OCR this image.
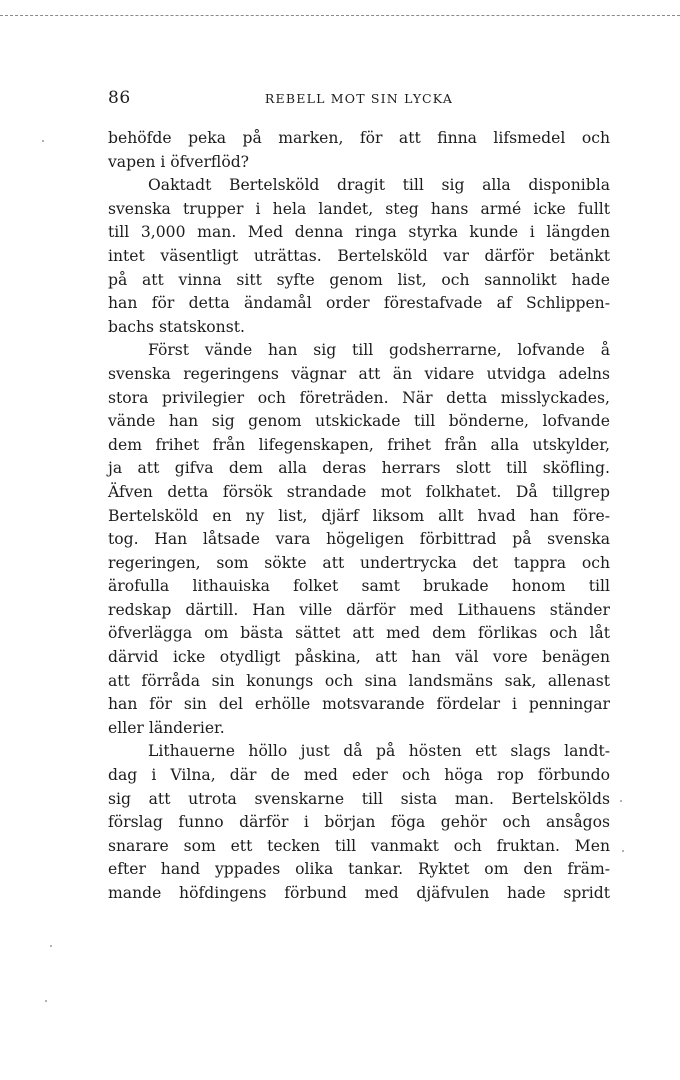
86	REBELL MOT SIN LYCKA
behöfde peka på marken, för att finna lifsmedel och
vapen i öfverflöd?
Oaktadt Bertelsköld dragit till sig alla disponibla
svenska trupper i hela landet, steg hans armé icke fullt
till 3,000 man. Med denna ringa styrka kunde i längden
intet väsentligt uträttas. Bertelsköld var därför betänkt
på att vinna sitt syfte genom list, och sannolikt hade
han för detta ändamål order förestafvade af Schlippen-
bachs statskonst.
Först vände han sig till godsherrarne, lofvande å
svenska regeringens vägnar att än vidare utvidga adelns
stora privilegier och företräden. När detta misslyckades,
vände han sig genom utskickade till bönderne, lofvande
dem frihet från lifegenskapen, frihet från alla utskylder,
ja att gifva dem alla deras herrars slott till sköfling.
Äfven detta försök strandade mot folkhatet. Då tillgrep
Bertelsköld en ny list, djärf liksom allt hvad han före-
tog. Han låtsade vara högeligen förbittrad på svenska
regeringen, som sökte att undertrycka det tappra och
ärofulla lithauiska folket samt brukade honom till
redskap därtill. Han ville därför med Lithauens ständer
öfverlägga om bästa sättet att med dem förlikas och låt
därvid icke otydligt påskina, att han väl vore benägen
att förråda sin konungs och sina landsmäns sak, allenast
han för sin del erhölle motsvarande fördelar i penningar
eller länderier.
Lithauerne höllo just då på hösten ett slags landt-
dag i Vilna, där de med eder och höga rop förbundo
sig att utrota svenskarne till sista man. Bertelskölds
förslag funno därför i början föga gehör och ansågos
snarare som ett tecken till vanmakt och fruktan. Men
efter hand yppades olika tankar. Ryktet om den främ-
mande höfdingens förbund med djäfvulen hade spridt
